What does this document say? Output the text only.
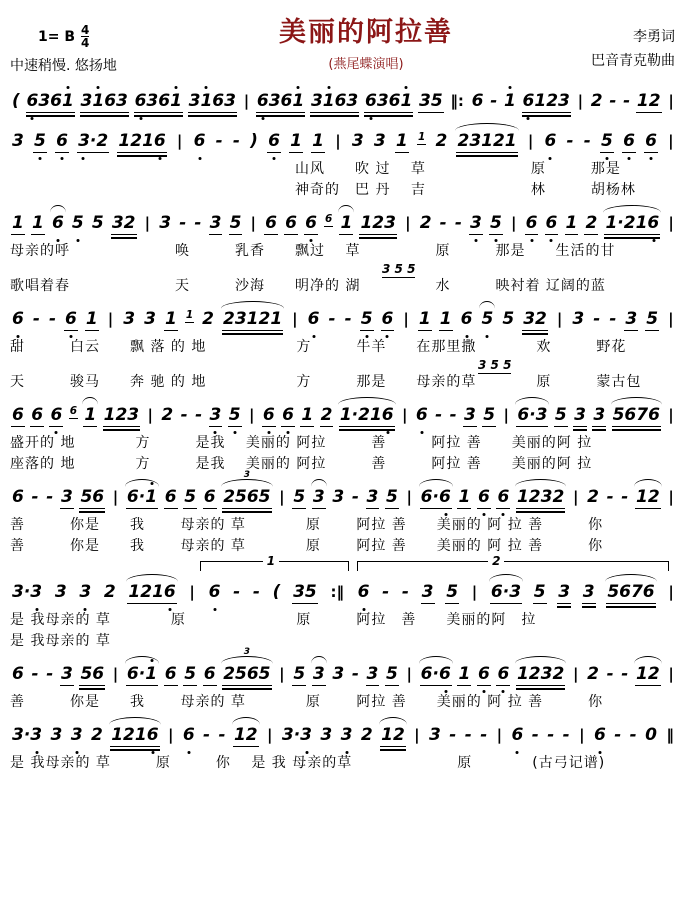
1= B $\frac{4}{4}$
中速稍慢. 悠扬地
美丽的阿拉善
(燕尾蝶演唱)
李勇词
巴音青克勒曲
( 6361 3163 6361 3163 | 6361 3163 6361 35 ‖: 6 - 1 6123 | 2 - - 12 |
3 5 6 3·2 1216 | 6 - - ) 6 1 1 | 3 3 1 1 2 23121 | 6 - - 5 6 6 |
　　　　　　　　　　　　　　　　　　　山风　　吹 过　 草　　　　　　　原　　　那是
　　　　　　　　　　　　　　　　　　　神奇的　巴 丹　 吉　　　　　　　林　　　胡杨林
1 1 6 5 5 32 | 3 - - 3 5 | 6 6 6 6 1 123 | 2 - - 3 5 | 6 6 1 2 1·216 |
母亲的呼　　　　　　　唤　　　乳香　　飘过　 草　　　　　原　　　那是　　生活的甘
　　　　　　　　　　　　　　　　　　　　　　　　　　　　　　　3 5 5
歌唱着春　　　　　　　天　　　沙海　　明净的 湖　　　　　水　　　映衬着 辽阔的蓝
6 - - 6 1 | 3 3 1 1 2 23121 | 6 - - 5 6 | 1 1 6 5 5 32 | 3 - - 3 5 |
甜　　　白云　　飘 落 的 地　　　　　　方　　　牛羊　　在那里撒　　　　欢　　　野花
　　　　　　　　　　　　　　　　　　　　　　　　　　　　　　　　　　　　　　　3 5 5
天　　　骏马　　奔 驰 的 地　　　　　　方　　　那是　　母亲的草　　　　原　　　蒙古包
6 6 6 6 1 123 | 2 - - 3 5 | 6 6 1 2 1·216 | 6 - - 3 5 | 6·3 5 3 3 5676 |
盛开的 地　　　　方　　　是我　 美丽的 阿拉　　　善　　　阿拉 善　　美丽的阿 拉
座落的 地　　　　方　　　是我　 美丽的 阿拉　　　善　　　阿拉 善　　美丽的阿 拉
6 - - 3 56 | 6·1 6 5 6 2565
3
| 5 3 3 - 3 5 | 6·6 1 6 6 1232 | 2 - - 12 |
善　　　你是　　我　　 母亲的 草　　　　原　　 阿拉 善　　美丽的 阿 拉 善　　　你
善　　　你是　　我　　 母亲的 草　　　　原　　 阿拉 善　　美丽的 阿 拉 善　　　你
1	2
3·3 3 3 2 1216 | 6 - - ( 35 :‖ 6 - - 3 5 | 6·3 5 3 3 5676 |
是 我母亲的 草　　　　原　　　　　　　 原　　　阿拉　善　　美丽的阿　拉
是 我母亲的 草
6 - - 3 56 | 6·1 6 5 6 2565
3
| 5 3 3 - 3 5 | 6·6 1 6 6 1232 | 2 - - 12 |
善　　　你是　　我　　 母亲的 草　　　　原　　 阿拉 善　　美丽的 阿 拉 善　　　你
3·3 3 3 2 1216 | 6 - - 12 | 3·3 3 3 2 12 | 3 - - - | 6 - - - | 6 - - 0 ‖
是 我母亲的 草　　　原　　　你　 是 我 母亲的草　　　　　　　原　　　　(古弓记谱)
